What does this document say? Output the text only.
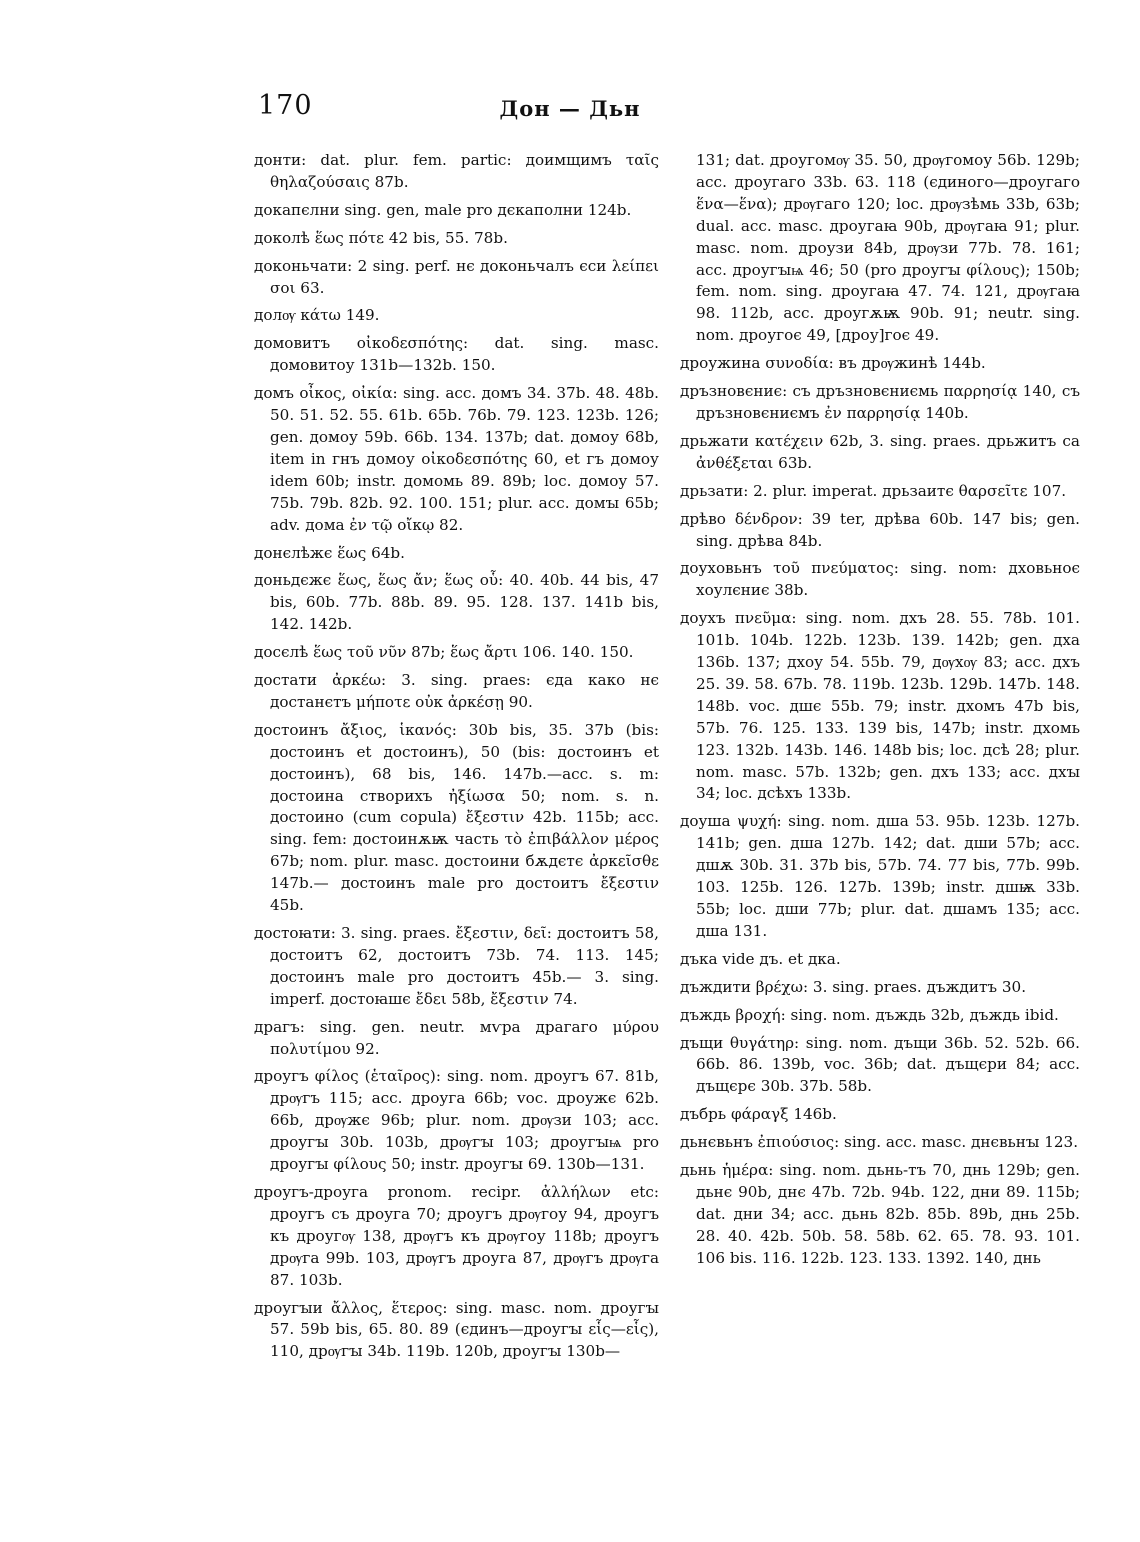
170	Дон — Дьн

донти: dat. plur. fem. partic: доимщимъ ταῖς θηλαζούσαις 87b.

докапєлни sing. gen, male pro дєкаполни 124b.

доколѣ ἕως πότε 42 bis, 55. 78b.

доконьчати: 2 sing. perf. нє доконьчалъ єси λείπει σοι 63.

долѹ κάτω 149.

домовитъ οἰκοδεσπότης: dat. sing. masc. домовитоу 131b—132b. 150.

домъ οἶκος, οἰκία: sing. acc. домъ 34. 37b. 48. 48b. 50. 51. 52. 55. 61b. 65b. 76b. 79. 123. 123b. 126; gen. домоу 59b. 66b. 134. 137b; dat. домоу 68b, item in гнъ домоу οἰκοδεσπότης 60, et гъ домоу idem 60b; instr. домомь 89. 89b; loc. домоу 57. 75b. 79b. 82b. 92. 100. 151; plur. acc. домꙑ 65b; adv. дома ἐν τῷ οἴκῳ 82.

донєлѣжє ἕως 64b.

доньдєжє ἕως, ἕως ἄν; ἕως οὗ: 40. 40b. 44 bis, 47 bis, 60b. 77b. 88b. 89. 95. 128. 137. 141b bis, 142. 142b.

досєлѣ ἕως τοῦ νῦν 87b; ἕως ἄρτι 106. 140. 150.

достати ἀρκέω: 3. sing. praes: єда како нє достанєтъ μήποτε οὐκ ἀρκέσῃ 90.

достоинъ ἄξιος, ἱκανός: 30b bis, 35. 37b (bis: достоинъ et достоинъ), 50 (bis: достоинъ et достоинъ), 68 bis, 146. 147b.—acc. s. m: достоина створихъ ἠξίωσα 50; nom. s. n. достоино (cum copula) ἔξεστιν 42b. 115b; acc. sing. fem: достоинѫѭ часть τὸ ἐπιβάλλον μέρος 67b; nom. plur. masc. достоини бѫдєтє ἀρκεῖσθε 147b.— достоинъ male pro достоитъ ἔξεστιν 45b.

достоꙗти: 3. sing. praes. ἔξεστιν, δεῖ: достоитъ 58, достоитъ 62, достоитъ 73b. 74. 113. 145; достоинъ male pro достоитъ 45b.— 3. sing. imperf. достоꙗшє ἔδει 58b, ἔξεστιν 74.

драгъ: sing. gen. neutr. мѵра драгаго μύρου πολυτίμου 92.

дроугъ φίλος (ἑταῖρος): sing. nom. дроугъ 67. 81b, дрѹгъ 115; acc. дроуга 66b; voc. дроужє 62b. 66b, дрѹжє 96b; plur. nom. дрѹзи 103; acc. дроугꙑ 30b. 103b, дрѹгꙑ 103; дроугꙑѩ pro дроугꙑ φίλους 50; instr. дроугꙑ 69. 130b—131.

дроугъ-дроуга pronom. recipr. ἀλλήλων etc: дроугъ съ дроуга 70; дроугъ дрѹгоу 94, дроугъ къ дроугѹ 138, дрѹгъ къ дрѹгоу 118b; дроугъ дрѹга 99b. 103, дрѹгъ дроуга 87, дрѹгъ дрѹга 87. 103b.

дроугꙑи ἄλλος, ἕτερος: sing. masc. nom. дроугꙑ 57. 59b bis, 65. 80. 89 (єдинъ—дроугꙑ εἷς—εἷς), 110, дрѹгꙑ 34b. 119b. 120b, дроугꙑ 130b—

131; dat. дроугомѹ 35. 50, дрѹгомоу 56b. 129b; acc. дроугаго 33b. 63. 118 (єдиного—дроугаго ἕνα—ἕνα); дрѹгаго 120; loc. дрѹзѣмь 33b, 63b; dual. acc. masc. дроугаꙗ 90b, дрѹгаꙗ 91; plur. masc. nom. дроузи 84b, дрѹзи 77b. 78. 161; acc. дроугꙑѩ 46; 50 (pro дроугꙑ φίλους); 150b; fem. nom. sing. дроугаꙗ 47. 74. 121, дрѹгаꙗ 98. 112b, acc. дроугѫѭ 90b. 91; neutr. sing. nom. дроугоє 49, [дроу]гоє 49.

дроужина συνοδία: въ дрѹжинѣ 144b.

дръзновєниє: съ дръзновєниємь παρρησίᾳ 140, съ дръзновєниємъ ἐν παρρησίᾳ 140b.

дрьжати κατέχειν 62b, 3. sing. praes. дрьжитъ са ἀνθέξεται 63b.

дрьзати: 2. plur. imperat. дрьзаитє θαρσεῖτε 107.

дрѣво δένδρον: 39 ter, дрѣва 60b. 147 bis; gen. sing. дрѣва 84b.

доуховьнъ τοῦ πνεύματος: sing. nom: дховьноє хоулєниє 38b.

доухъ πνεῦμα: sing. nom. дхъ 28. 55. 78b. 101. 101b. 104b. 122b. 123b. 139. 142b; gen. дха 136b. 137; дхоу 54. 55b. 79, дѹхѹ 83; acc. дхъ 25. 39. 58. 67b. 78. 119b. 123b. 129b. 147b. 148. 148b. voc. дшє 55b. 79; instr. дхомъ 47b bis, 57b. 76. 125. 133. 139 bis, 147b; instr. дхомь 123. 132b. 143b. 146. 148b bis; loc. дсѣ 28; plur. nom. masc. 57b. 132b; gen. дхъ 133; acc. дхꙑ 34; loc. дсѣхъ 133b.

доуша ψυχή: sing. nom. дша 53. 95b. 123b. 127b. 141b; gen. дша 127b. 142; dat. дши 57b; acc. дшѫ 30b. 31. 37b bis, 57b. 74. 77 bis, 77b. 99b. 103. 125b. 126. 127b. 139b; instr. дшѭ 33b. 55b; loc. дши 77b; plur. dat. дшамъ 135; acc. дша 131.

дъка vide дъ. et дка.

дъждити βρέχω: 3. sing. praes. дъждитъ 30.

дъждь βροχή: sing. nom. дъждь 32b, дъждь ibid.

дъщи θυγάτηρ: sing. nom. дъщи 36b. 52. 52b. 66. 66b. 86. 139b, voc. 36b; dat. дъщєри 84; acc. дъщєрє 30b. 37b. 58b.

дъбрь φάραγξ 146b.

дьнєвьнъ ἐπιούσιος: sing. acc. masc. днєвьнꙑ 123.

дьнь ἡμέρα: sing. nom. дьнь-тъ 70, днь 129b; gen. дьнє 90b, днє 47b. 72b. 94b. 122, дни 89. 115b; dat. дни 34; acc. дьнь 82b. 85b. 89b, днь 25b. 28. 40. 42b. 50b. 58. 58b. 62. 65. 78. 93. 101. 106 bis. 116. 122b. 123. 133. 1392. 140, днь
